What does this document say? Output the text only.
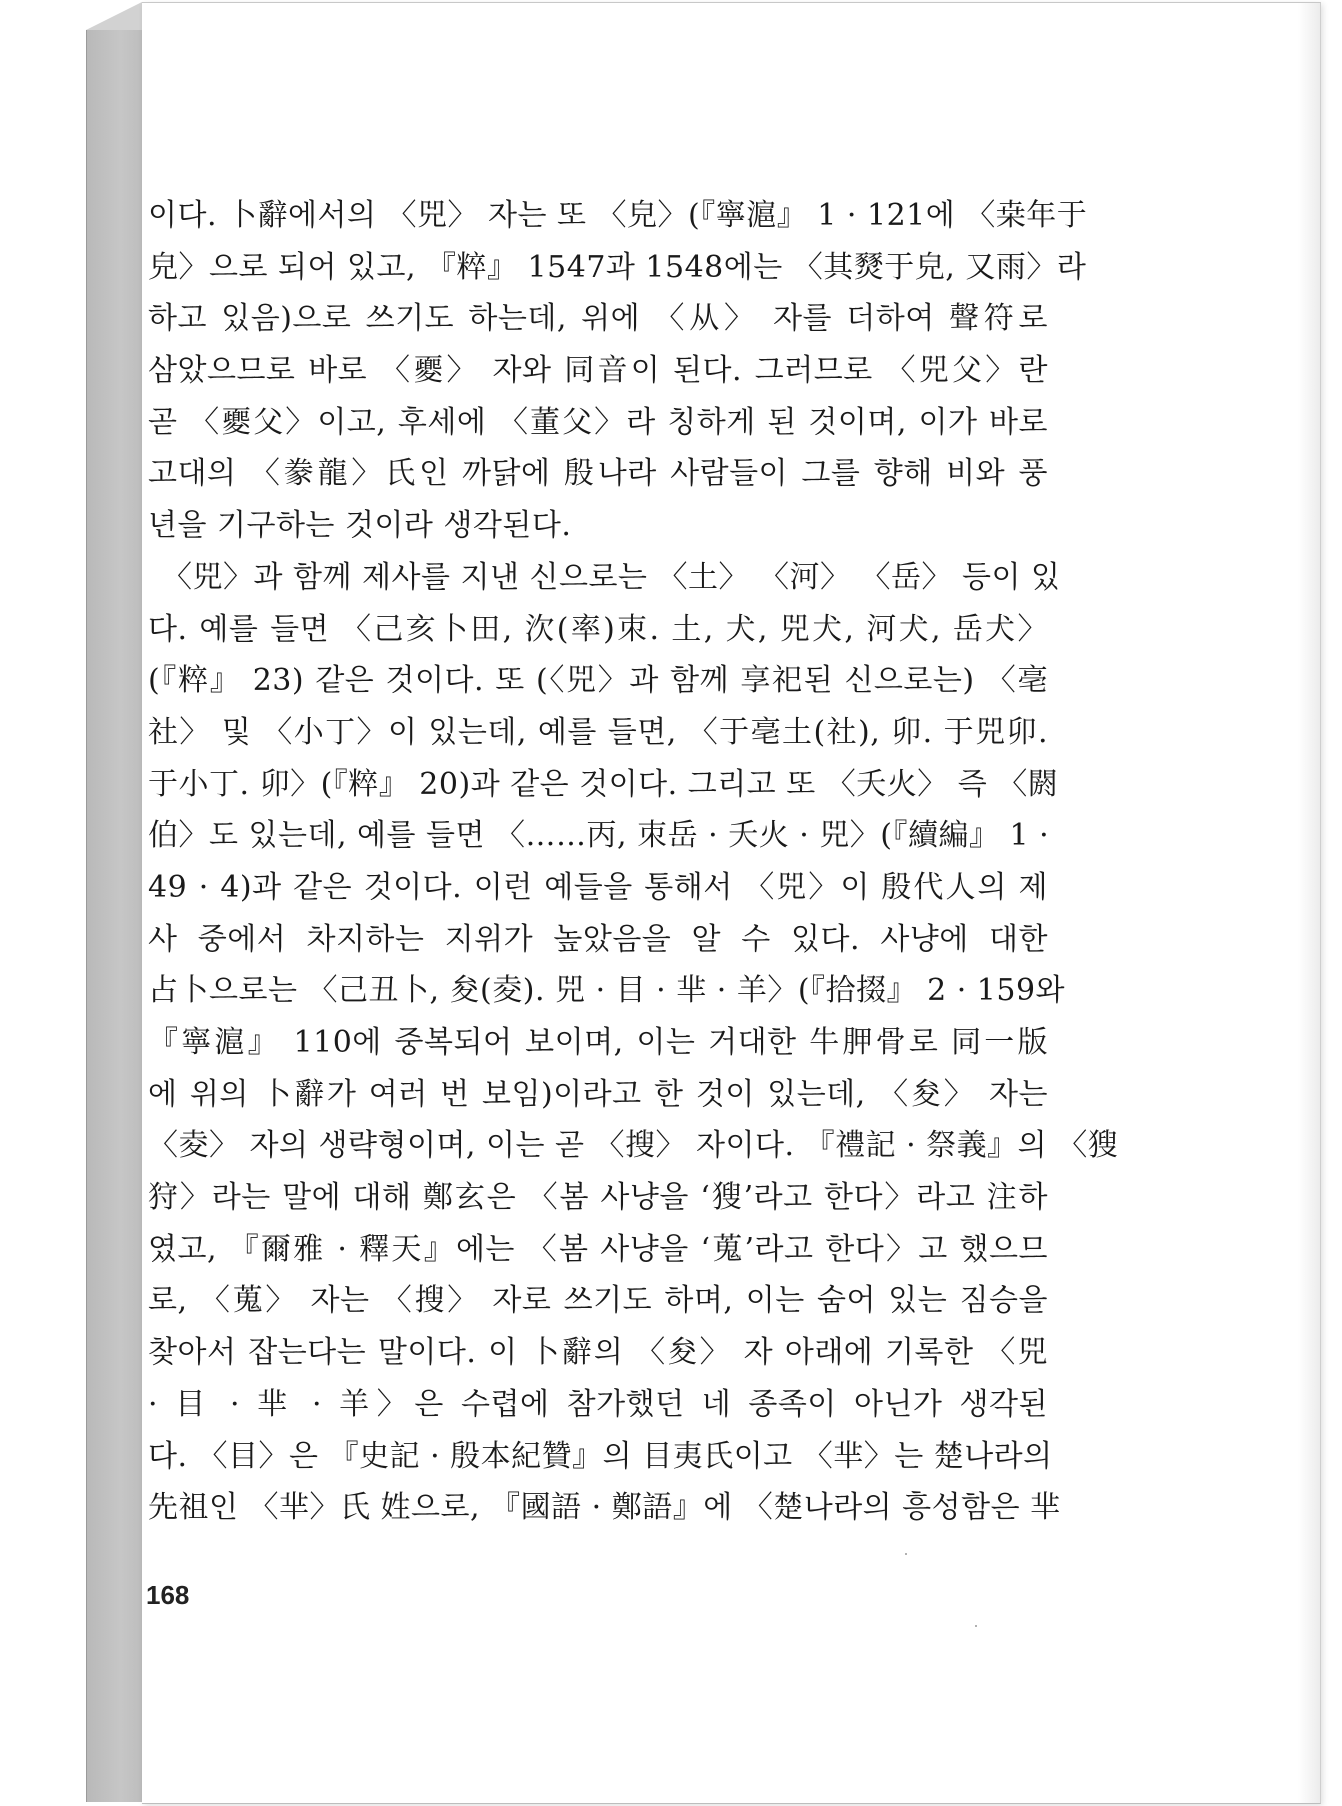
이다. 卜辭에서의 〈兕〉 자는 또 〈皃〉(『寧滬』 1 · 121에 〈桒年于
皃〉으로 되어 있고, 『粹』 1547과 1548에는 〈其燹于皃, 又雨〉라
하고 있음)으로 쓰기도 하는데, 위에 〈从〉 자를 더하여 聲符로
삼았으므로 바로 〈夒〉 자와 同音이 된다. 그러므로 〈兕父〉란
곧 〈夒父〉이고, 후세에 〈董父〉라 칭하게 된 것이며, 이가 바로
고대의 〈豢龍〉氏인 까닭에 殷나라 사람들이 그를 향해 비와 풍
년을 기구하는 것이라 생각된다.
〈兕〉과 함께 제사를 지낸 신으로는 〈土〉 〈河〉 〈岳〉 등이 있
다. 예를 들면 〈己亥卜田, 㳄(率)朿. 土, 犬, 兕犬, 河犬, 岳犬〉
(『粹』 23) 같은 것이다. 또 (〈兕〉과 함께 享祀된 신으로는) 〈亳
社〉 및 〈小丁〉이 있는데, 예를 들면, 〈于亳土(社), 卯. 于兕卯.
于小丁. 卯〉(『粹』 20)과 같은 것이다. 그리고 또 〈夭火〉 즉 〈閼
伯〉도 있는데, 예를 들면 〈……丙, 朿岳 · 夭火 · 兕〉(『續編』 1 ·
49 · 4)과 같은 것이다. 이런 예들을 통해서 〈兕〉이 殷代人의 제
사 중에서 차지하는 지위가 높았음을 알 수 있다. 사냥에 대한
占卜으로는 〈己丑卜, 夋(夌). 兕 · 目 · 芈 · 羊〉(『拾掇』 2 · 159와
『寧滬』 110에 중복되어 보이며, 이는 거대한 牛胛骨로 同一版
에 위의 卜辭가 여러 번 보임)이라고 한 것이 있는데, 〈夋〉 자는
〈夌〉 자의 생략형이며, 이는 곧 〈搜〉 자이다. 『禮記 · 祭義』의 〈獀
狩〉라는 말에 대해 鄭玄은 〈봄 사냥을 ‘獀’라고 한다〉라고 注하
였고, 『爾雅 · 釋天』에는 〈봄 사냥을 ‘蒐’라고 한다〉고 했으므
로, 〈蒐〉 자는 〈搜〉 자로 쓰기도 하며, 이는 숨어 있는 짐승을
찾아서 잡는다는 말이다. 이 卜辭의 〈夋〉 자 아래에 기록한 〈兕
· 目 · 芈 · 羊〉은 수렵에 참가했던 네 종족이 아닌가 생각된
다. 〈目〉은 『史記 · 殷本紀贊』의 目夷氏이고 〈芈〉는 楚나라의
先祖인 〈芈〉氏 姓으로, 『國語 · 鄭語』에 〈楚나라의 흥성함은 芈
168
